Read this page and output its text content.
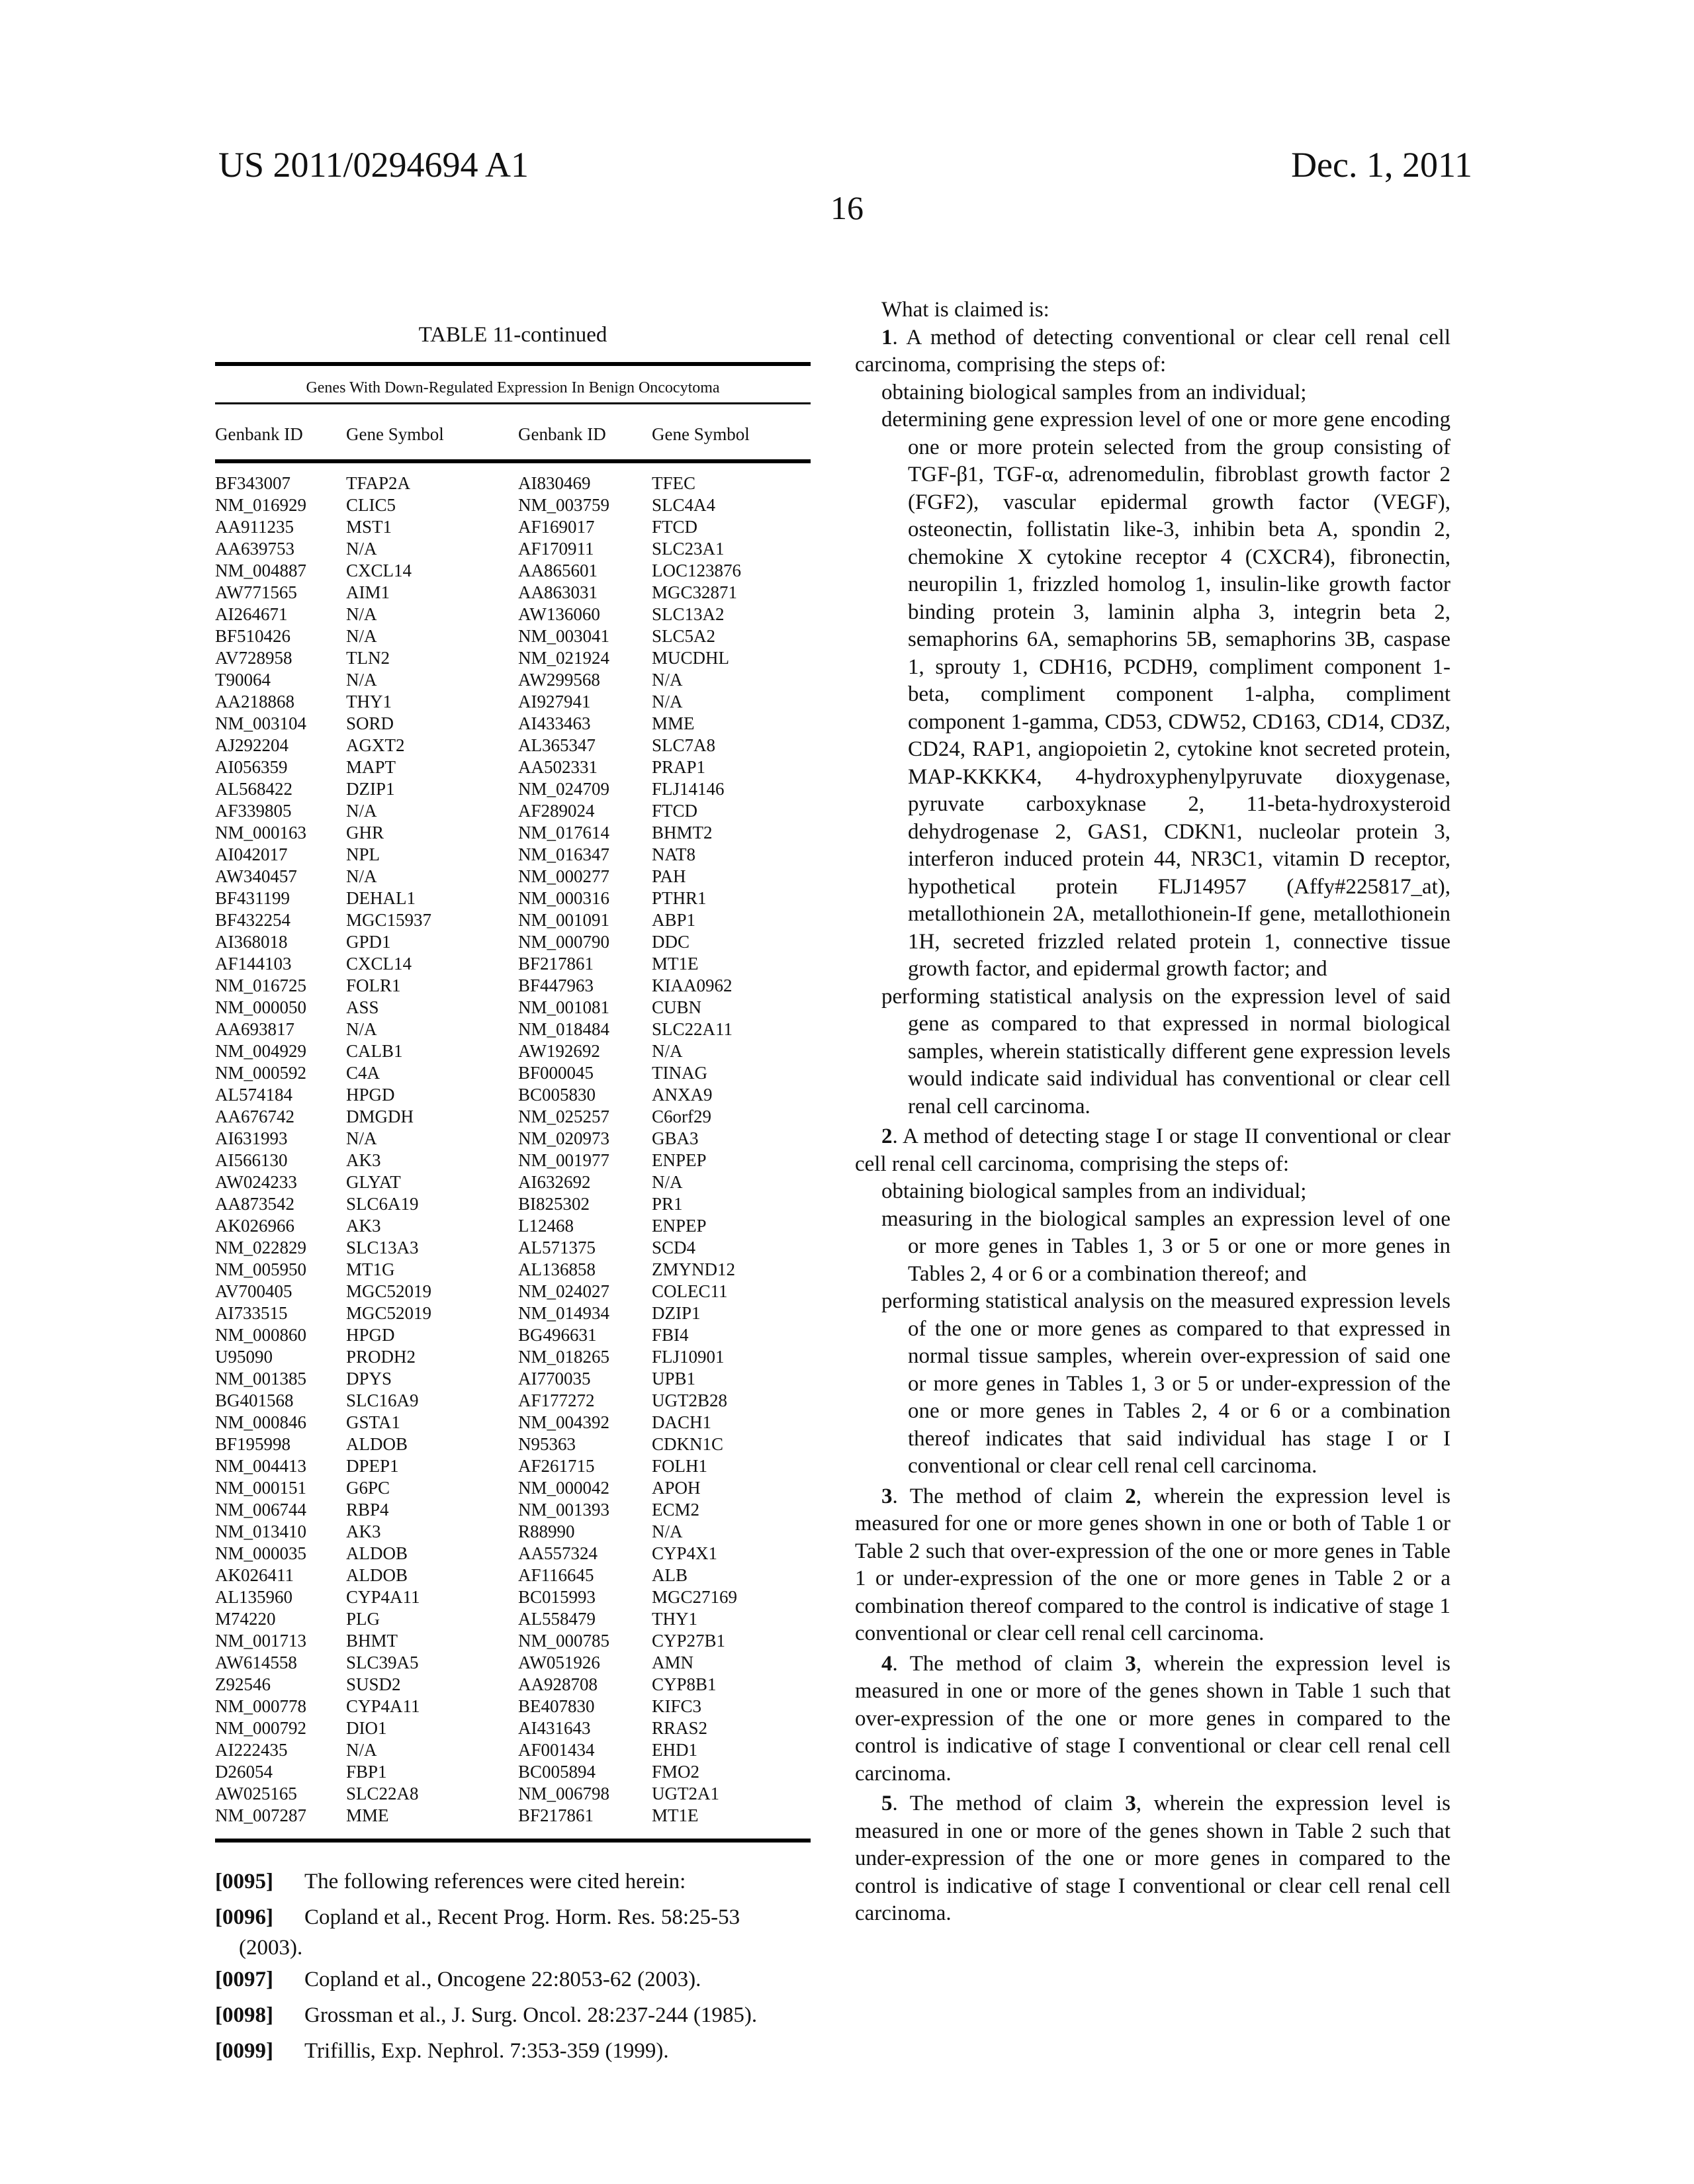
US 2011/0294694 A1	Dec. 1, 2011
16
TABLE 11-continued
Genes With Down-Regulated Expression In Benign Oncocytoma
Genbank ID	Gene Symbol	Genbank ID	Gene Symbol
BF343007	TFAP2A	AI830469	TFEC
NM_016929	CLIC5	NM_003759	SLC4A4
AA911235	MST1	AF169017	FTCD
AA639753	N/A	AF170911	SLC23A1
NM_004887	CXCL14	AA865601	LOC123876
AW771565	AIM1	AA863031	MGC32871
AI264671	N/A	AW136060	SLC13A2
BF510426	N/A	NM_003041	SLC5A2
AV728958	TLN2	NM_021924	MUCDHL
T90064	N/A	AW299568	N/A
AA218868	THY1	AI927941	N/A
NM_003104	SORD	AI433463	MME
AJ292204	AGXT2	AL365347	SLC7A8
AI056359	MAPT	AA502331	PRAP1
AL568422	DZIP1	NM_024709	FLJ14146
AF339805	N/A	AF289024	FTCD
NM_000163	GHR	NM_017614	BHMT2
AI042017	NPL	NM_016347	NAT8
AW340457	N/A	NM_000277	PAH
BF431199	DEHAL1	NM_000316	PTHR1
BF432254	MGC15937	NM_001091	ABP1
AI368018	GPD1	NM_000790	DDC
AF144103	CXCL14	BF217861	MT1E
NM_016725	FOLR1	BF447963	KIAA0962
NM_000050	ASS	NM_001081	CUBN
AA693817	N/A	NM_018484	SLC22A11
NM_004929	CALB1	AW192692	N/A
NM_000592	C4A	BF000045	TINAG
AL574184	HPGD	BC005830	ANXA9
AA676742	DMGDH	NM_025257	C6orf29
AI631993	N/A	NM_020973	GBA3
AI566130	AK3	NM_001977	ENPEP
AW024233	GLYAT	AI632692	N/A
AA873542	SLC6A19	BI825302	PR1
AK026966	AK3	L12468	ENPEP
NM_022829	SLC13A3	AL571375	SCD4
NM_005950	MT1G	AL136858	ZMYND12
AV700405	MGC52019	NM_024027	COLEC11
AI733515	MGC52019	NM_014934	DZIP1
NM_000860	HPGD	BG496631	FBI4
U95090	PRODH2	NM_018265	FLJ10901
NM_001385	DPYS	AI770035	UPB1
BG401568	SLC16A9	AF177272	UGT2B28
NM_000846	GSTA1	NM_004392	DACH1
BF195998	ALDOB	N95363	CDKN1C
NM_004413	DPEP1	AF261715	FOLH1
NM_000151	G6PC	NM_000042	APOH
NM_006744	RBP4	NM_001393	ECM2
NM_013410	AK3	R88990	N/A
NM_000035	ALDOB	AA557324	CYP4X1
AK026411	ALDOB	AF116645	ALB
AL135960	CYP4A11	BC015993	MGC27169
M74220	PLG	AL558479	THY1
NM_001713	BHMT	NM_000785	CYP27B1
AW614558	SLC39A5	AW051926	AMN
Z92546	SUSD2	AA928708	CYP8B1
NM_000778	CYP4A11	BE407830	KIFC3
NM_000792	DIO1	AI431643	RRAS2
AI222435	N/A	AF001434	EHD1
D26054	FBP1	BC005894	FMO2
AW025165	SLC22A8	NM_006798	UGT2A1
NM_007287	MME	BF217861	MT1E
[0095]	The following references were cited herein:
[0096]	Copland et al., Recent Prog. Horm. Res. 58:25-53
(2003).
[0097]	Copland et al., Oncogene 22:8053-62 (2003).
[0098]	Grossman et al., J. Surg. Oncol. 28:237-244 (1985).
[0099]	Trifillis, Exp. Nephrol. 7:353-359 (1999).

What is claimed is:

1. A method of detecting conventional or clear cell renal cell carcinoma, comprising the steps of:

obtaining biological samples from an individual;

determining gene expression level of one or more gene encoding one or more protein selected from the group consisting of TGF-β1, TGF-α, adrenomedulin, fibroblast growth factor 2 (FGF2), vascular epidermal growth factor (VEGF), osteonectin, follistatin like-3, inhibin beta A, spondin 2, chemokine X cytokine receptor 4 (CXCR4), fibronectin, neuropilin 1, frizzled homolog 1, insulin-like growth factor binding protein 3, laminin alpha 3, integrin beta 2, semaphorins 6A, semaphorins 5B, semaphorins 3B, caspase 1, sprouty 1, CDH16, PCDH9, compliment component 1-beta, compliment component 1-alpha, compliment component 1-gamma, CD53, CDW52, CD163, CD14, CD3Z, CD24, RAP1, angiopoietin 2, cytokine knot secreted protein, MAP-KKKK4, 4-hydroxyphenylpyruvate dioxygenase, pyruvate carboxyknase 2, 11-beta-hydroxysteroid dehydrogenase 2, GAS1, CDKN1, nucleolar protein 3, interferon induced protein 44, NR3C1, vitamin D receptor, hypothetical protein FLJ14957 (Affy#225817_at), metallothionein 2A, metallothionein-If gene, metallothionein 1H, secreted frizzled related protein 1, connective tissue growth factor, and epidermal growth factor; and

performing statistical analysis on the expression level of said gene as compared to that expressed in normal biological samples, wherein statistically different gene expression levels would indicate said individual has conventional or clear cell renal cell carcinoma.

2. A method of detecting stage I or stage II conventional or clear cell renal cell carcinoma, comprising the steps of:

obtaining biological samples from an individual;

measuring in the biological samples an expression level of one or more genes in Tables 1, 3 or 5 or one or more genes in Tables 2, 4 or 6 or a combination thereof; and

performing statistical analysis on the measured expression levels of the one or more genes as compared to that expressed in normal tissue samples, wherein over-expression of said one or more genes in Tables 1, 3 or 5 or under-expression of the one or more genes in Tables 2, 4 or 6 or a combination thereof indicates that said individual has stage I or I conventional or clear cell renal cell carcinoma.

3. The method of claim 2, wherein the expression level is measured for one or more genes shown in one or both of Table 1 or Table 2 such that over-expression of the one or more genes in Table 1 or under-expression of the one or more genes in Table 2 or a combination thereof compared to the control is indicative of stage 1 conventional or clear cell renal cell carcinoma.

4. The method of claim 3, wherein the expression level is measured in one or more of the genes shown in Table 1 such that over-expression of the one or more genes in compared to the control is indicative of stage I conventional or clear cell renal cell carcinoma.

5. The method of claim 3, wherein the expression level is measured in one or more of the genes shown in Table 2 such that under-expression of the one or more genes in compared to the control is indicative of stage I conventional or clear cell renal cell carcinoma.
